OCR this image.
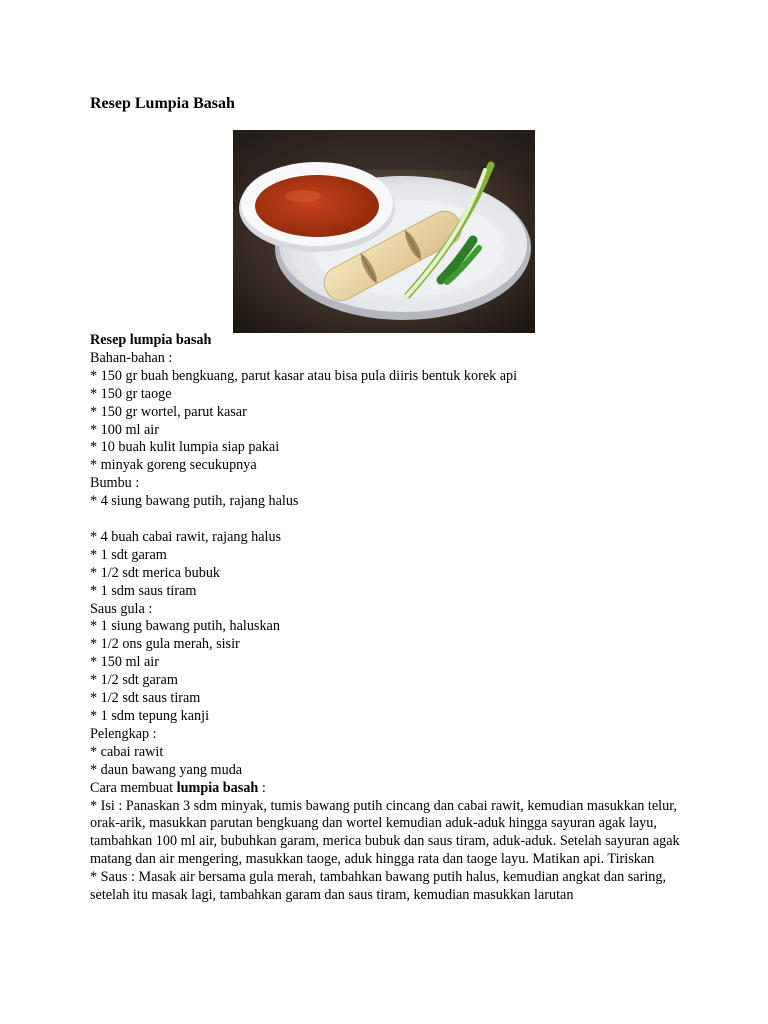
Resep Lumpia Basah
Resep lumpia basah
Bahan-bahan :
* 150 gr buah bengkuang, parut kasar atau bisa pula diiris bentuk korek api
* 150 gr taoge
* 150 gr wortel, parut kasar
* 100 ml air
* 10 buah kulit lumpia siap pakai
* minyak goreng secukupnya
Bumbu :
* 4 siung bawang putih, rajang halus
* 4 buah cabai rawit, rajang halus
* 1 sdt garam
* 1/2 sdt merica bubuk
* 1 sdm saus tiram
Saus gula :
* 1 siung bawang putih, haluskan
* 1/2 ons gula merah, sisir
* 150 ml air
* 1/2 sdt garam
* 1/2 sdt saus tiram
* 1 sdm tepung kanji
Pelengkap :
* cabai rawit
* daun bawang yang muda
Cara membuat lumpia basah :
* Isi : Panaskan 3 sdm minyak, tumis bawang putih cincang dan cabai rawit, kemudian masukkan telur, orak-arik, masukkan parutan bengkuang dan wortel kemudian aduk-aduk hingga sayuran agak layu, tambahkan 100 ml air, bubuhkan garam, merica bubuk dan saus tiram, aduk-aduk. Setelah sayuran agak matang dan air mengering, masukkan taoge, aduk hingga rata dan taoge layu. Matikan api. Tiriskan
* Saus : Masak air bersama gula merah, tambahkan bawang putih halus, kemudian angkat dan saring, setelah itu masak lagi, tambahkan garam dan saus tiram, kemudian masukkan larutan
